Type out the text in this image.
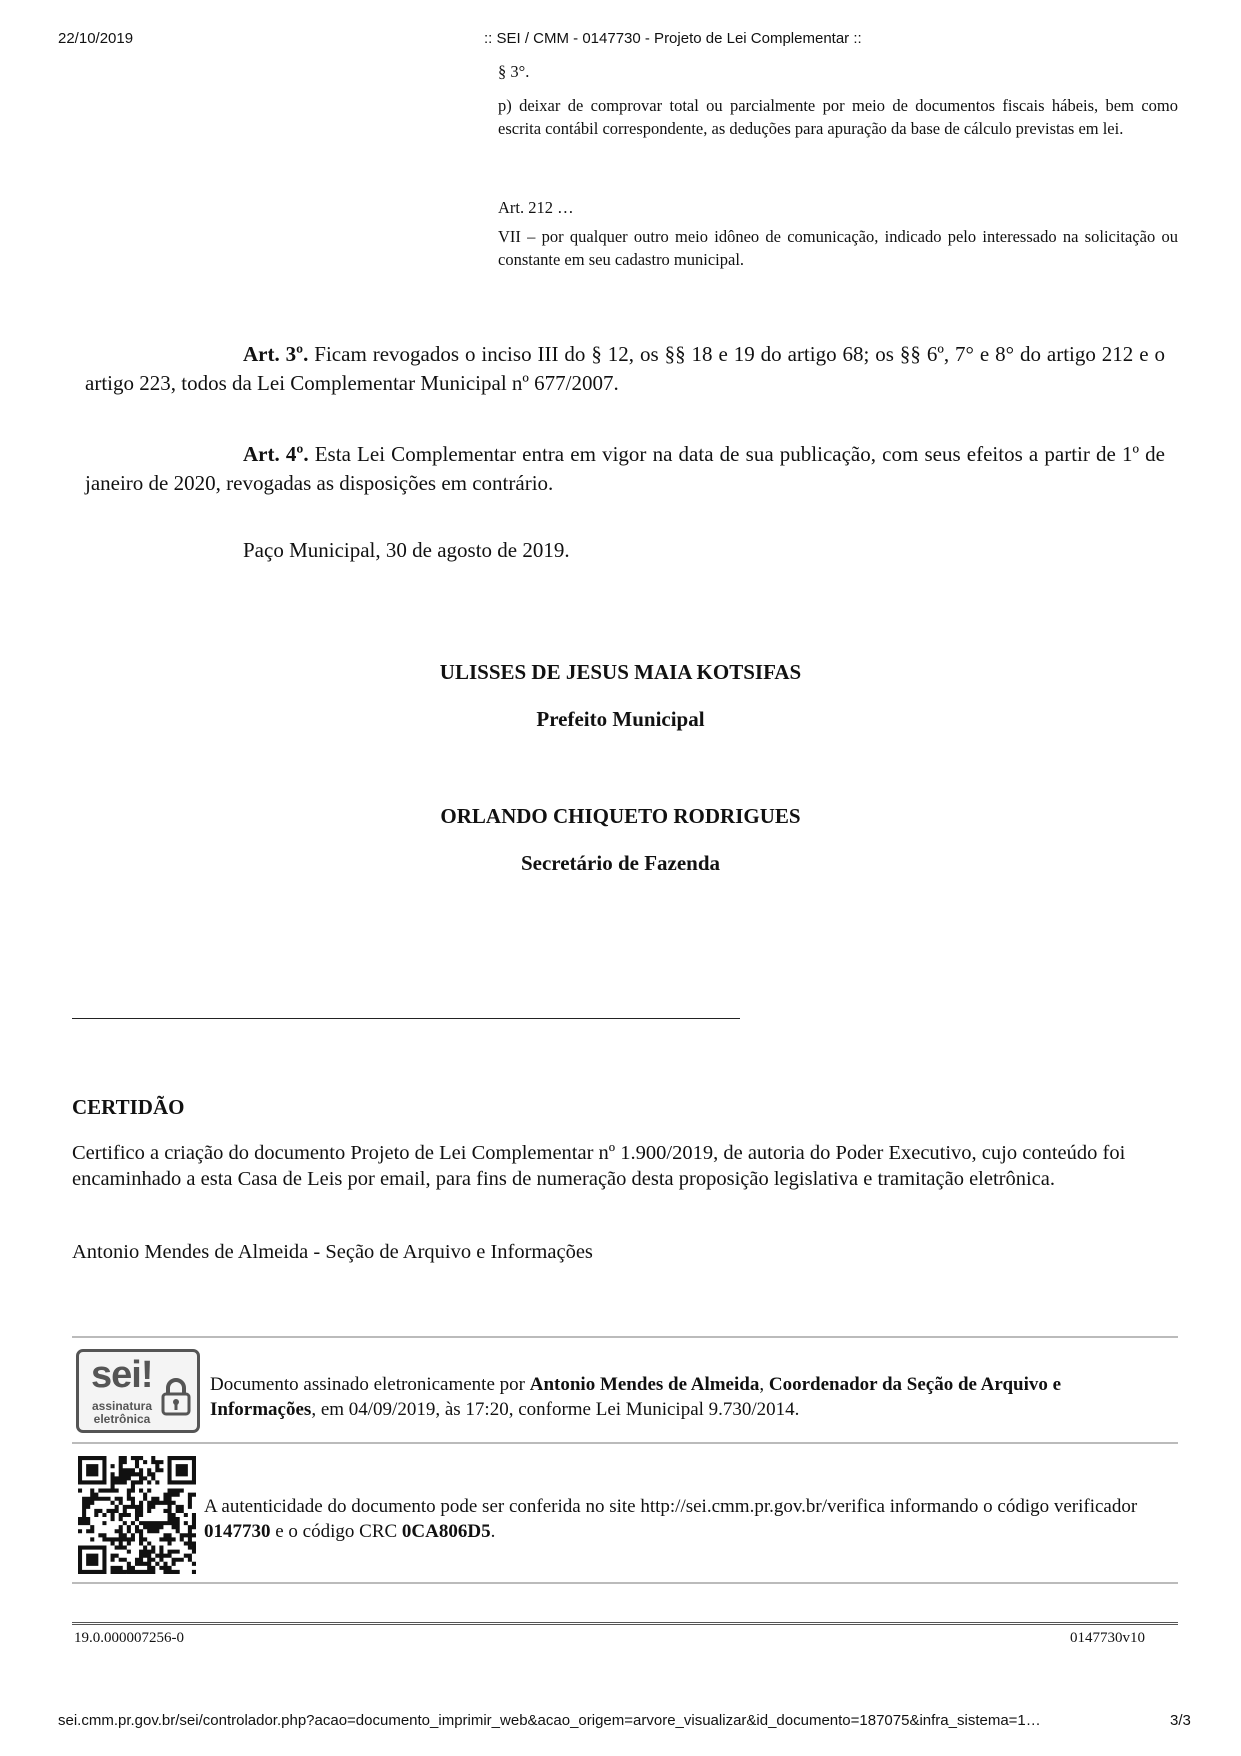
22/10/2019	:: SEI / CMM - 0147730 - Projeto de Lei Complementar ::
§ 3°.
p) deixar de comprovar total ou parcialmente por meio de documentos fiscais hábeis, bem como escrita contábil correspondente, as deduções para apuração da base de cálculo previstas em lei.
Art. 212 …
VII – por qualquer outro meio idôneo de comunicação, indicado pelo interessado na solicitação ou constante em seu cadastro municipal.

Art. 3º. Ficam revogados o inciso III do § 12, os §§ 18 e 19 do artigo 68; os §§ 6º, 7° e 8° do artigo 212 e o artigo 223, todos da Lei Complementar Municipal nº 677/2007.

Art. 4º. Esta Lei Complementar entra em vigor na data de sua publicação, com seus efeitos a partir de 1º de janeiro de 2020, revogadas as disposições em contrário.

Paço Municipal, 30 de agosto de 2019.
ULISSES DE JESUS MAIA KOTSIFAS
Prefeito Municipal
ORLANDO CHIQUETO RODRIGUES
Secretário de Fazenda
CERTIDÃO
Certifico a criação do documento Projeto de Lei Complementar nº 1.900/2019, de autoria do Poder Executivo, cujo conteúdo foi encaminhado a esta Casa de Leis por email, para fins de numeração desta proposição legislativa e tramitação eletrônica.
Antonio Mendes de Almeida - Seção de Arquivo e Informações
sei!
assinatura eletrônica
Documento assinado eletronicamente por Antonio Mendes de Almeida, Coordenador da Seção de Arquivo e Informações, em 04/09/2019, às 17:20, conforme Lei Municipal 9.730/2014.
A autenticidade do documento pode ser conferida no site http://sei.cmm.pr.gov.br/verifica informando o código verificador 0147730 e o código CRC 0CA806D5.
19.0.000007256-0	0147730v10
sei.cmm.pr.gov.br/sei/controlador.php?acao=documento_imprimir_web&acao_origem=arvore_visualizar&id_documento=187075&infra_sistema=1…	3/3
